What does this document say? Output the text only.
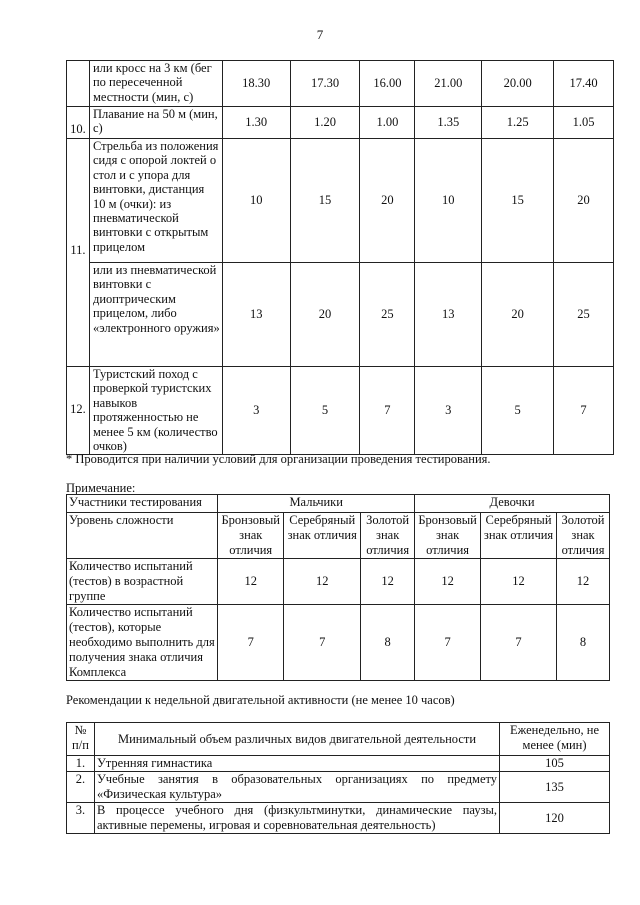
7
	или кросс на 3 км (бег по пересеченной местности (мин, с)	18.30	17.30	16.00	21.00	20.00	17.40
10.	Плавание на 50 м (мин, с)	1.30	1.20	1.00	1.35	1.25	1.05
11.	Стрельба из положения сидя с опорой локтей о стол и с упора для винтовки, дистанция 10 м (очки): из пневматической винтовки с открытым прицелом	10	15	20	10	15	20
	или из пневматической винтовки с диоптрическим прицелом, либо «электронного оружия»	13	20	25	13	20	25
12.	Туристский поход с проверкой туристских навыков протяженностью не менее 5 км (количество очков)	3	5	7	3	5	7
* Проводится при наличии условий для организации проведения тестирования.
Примечание:
Участники тестирования	Мальчики			Девочки		
Уровень сложности	Бронзовый знак отличия	Серебряный знак отличия	Золотой знак отличия	Бронзовый знак отличия	Серебряный знак отличия	Золотой знак отличия
Количество испытаний (тестов) в возрастной группе	12	12	12	12	12	12
Количество испытаний (тестов), которые необходимо выполнить для получения знака отличия Комплекса	7	7	8	7	7	8
Рекомендации к недельной двигательной активности (не менее 10 часов)
№ п/п	Минимальный объем различных видов двигательной деятельности	Еженедельно, не менее (мин)
1.	Утренняя гимнастика	105
2.	Учебные занятия в образовательных организациях по предмету «Физическая культура»	135
3.	В процессе учебного дня (физкультминутки, динамические паузы, активные перемены, игровая и соревновательная деятельность)	120
